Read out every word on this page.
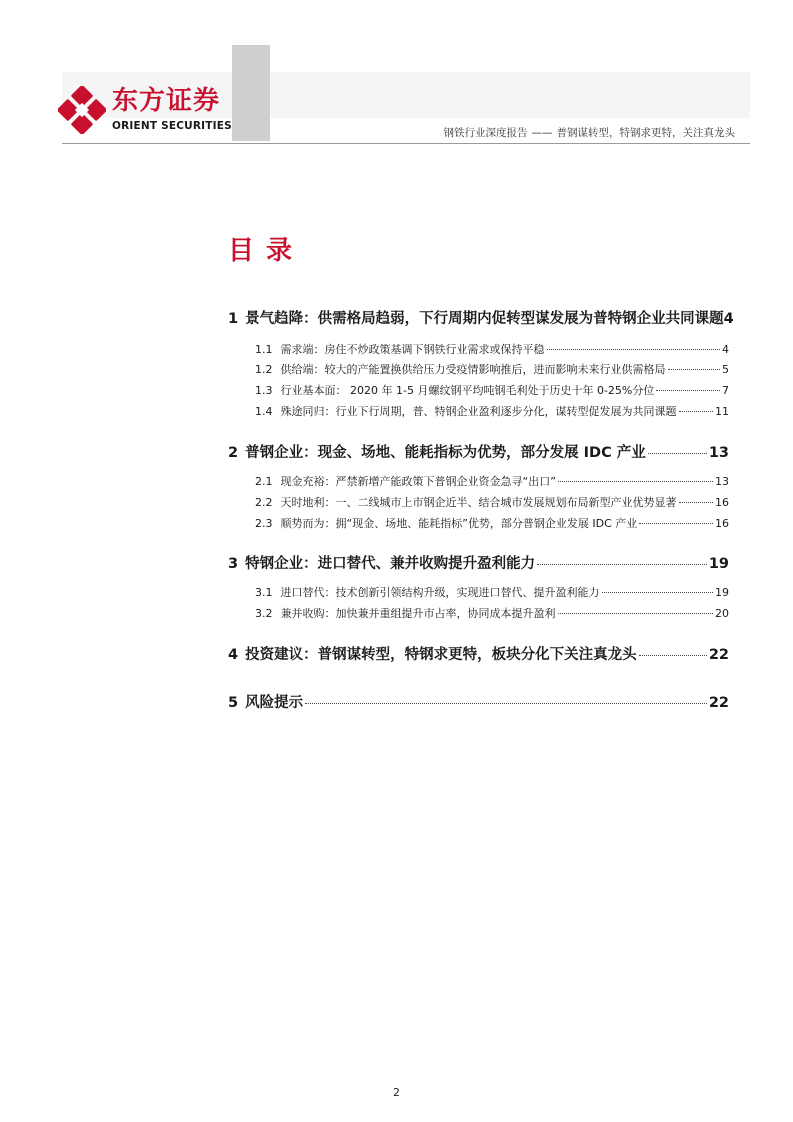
东方证券
ORIENT SECURITIES
钢铁行业深度报告 —— 普钢谋转型，特钢求更特，关注真龙头
目录
1 景气趋降：供需格局趋弱，下行周期内促转型谋发展为普特钢企业共同课题 4
1.1 需求端：房住不炒政策基调下钢铁行业需求或保持平稳	4
1.2 供给端：较大的产能置换供给压力受疫情影响推后，进而影响未来行业供需格局	5
1.3 行业基本面： 2020 年 1-5 月螺纹钢平均吨钢毛利处于历史十年 0-25%分位	7
1.4 殊途同归：行业下行周期，普、特钢企业盈利逐步分化，谋转型促发展为共同课题	11
2 普钢企业：现金、场地、能耗指标为优势，部分发展 IDC 产业	13
2.1 现金充裕：严禁新增产能政策下普钢企业资金急寻“出口”	13
2.2 天时地利：一、二线城市上市钢企近半、结合城市发展规划布局新型产业优势显著	16
2.3 顺势而为：拥“现金、场地、能耗指标”优势，部分普钢企业发展 IDC 产业	16
3 特钢企业：进口替代、兼并收购提升盈利能力	19
3.1 进口替代：技术创新引领结构升级，实现进口替代、提升盈利能力	19
3.2 兼并收购：加快兼并重组提升市占率，协同成本提升盈利	20
4 投资建议：普钢谋转型，特钢求更特，板块分化下关注真龙头	22
5 风险提示	22
2
